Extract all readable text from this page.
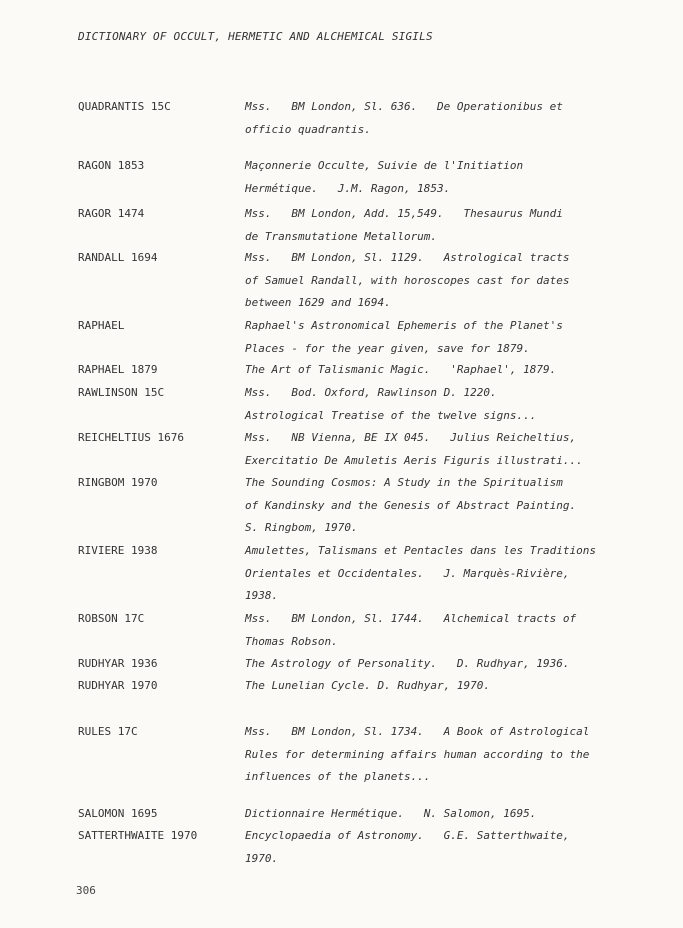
DICTIONARY OF OCCULT, HERMETIC AND ALCHEMICAL SIGILS
QUADRANTIS 15C	Mss.   BM London, Sl. 636.   De Operationibus et
officio quadrantis.
RAGON 1853	Maçonnerie Occulte, Suivie de l'Initiation
Hermétique.   J.M. Ragon, 1853.
RAGOR 1474	Mss.   BM London, Add. 15,549.   Thesaurus Mundi
de Transmutatione Metallorum.
RANDALL 1694	Mss.   BM London, Sl. 1129.   Astrological tracts
of Samuel Randall, with horoscopes cast for dates
between 1629 and 1694.
RAPHAEL	Raphael's Astronomical Ephemeris of the Planet's
Places - for the year given, save for 1879.
RAPHAEL 1879	The Art of Talismanic Magic.   'Raphael', 1879.
RAWLINSON 15C	Mss.   Bod. Oxford, Rawlinson D. 1220.
Astrological Treatise of the twelve signs...
REICHELTIUS 1676	Mss.   NB Vienna, BE IX 045.   Julius Reicheltius,
Exercitatio De Amuletis Aeris Figuris illustrati...
RINGBOM 1970	The Sounding Cosmos: A Study in the Spiritualism
of Kandinsky and the Genesis of Abstract Painting.
S. Ringbom, 1970.
RIVIERE 1938	Amulettes, Talismans et Pentacles dans les Traditions
Orientales et Occidentales.   J. Marquès-Rivière,
1938.
ROBSON 17C	Mss.   BM London, Sl. 1744.   Alchemical tracts of
Thomas Robson.
RUDHYAR 1936	The Astrology of Personality.   D. Rudhyar, 1936.
RUDHYAR 1970	The Lunelian Cycle. D. Rudhyar, 1970.
RULES 17C	Mss.   BM London, Sl. 1734.   A Book of Astrological
Rules for determining affairs human according to the
influences of the planets...
SALOMON 1695	Dictionnaire Hermétique.   N. Salomon, 1695.
SATTERTHWAITE 1970	Encyclopaedia of Astronomy.   G.E. Satterthwaite,
1970.
306
